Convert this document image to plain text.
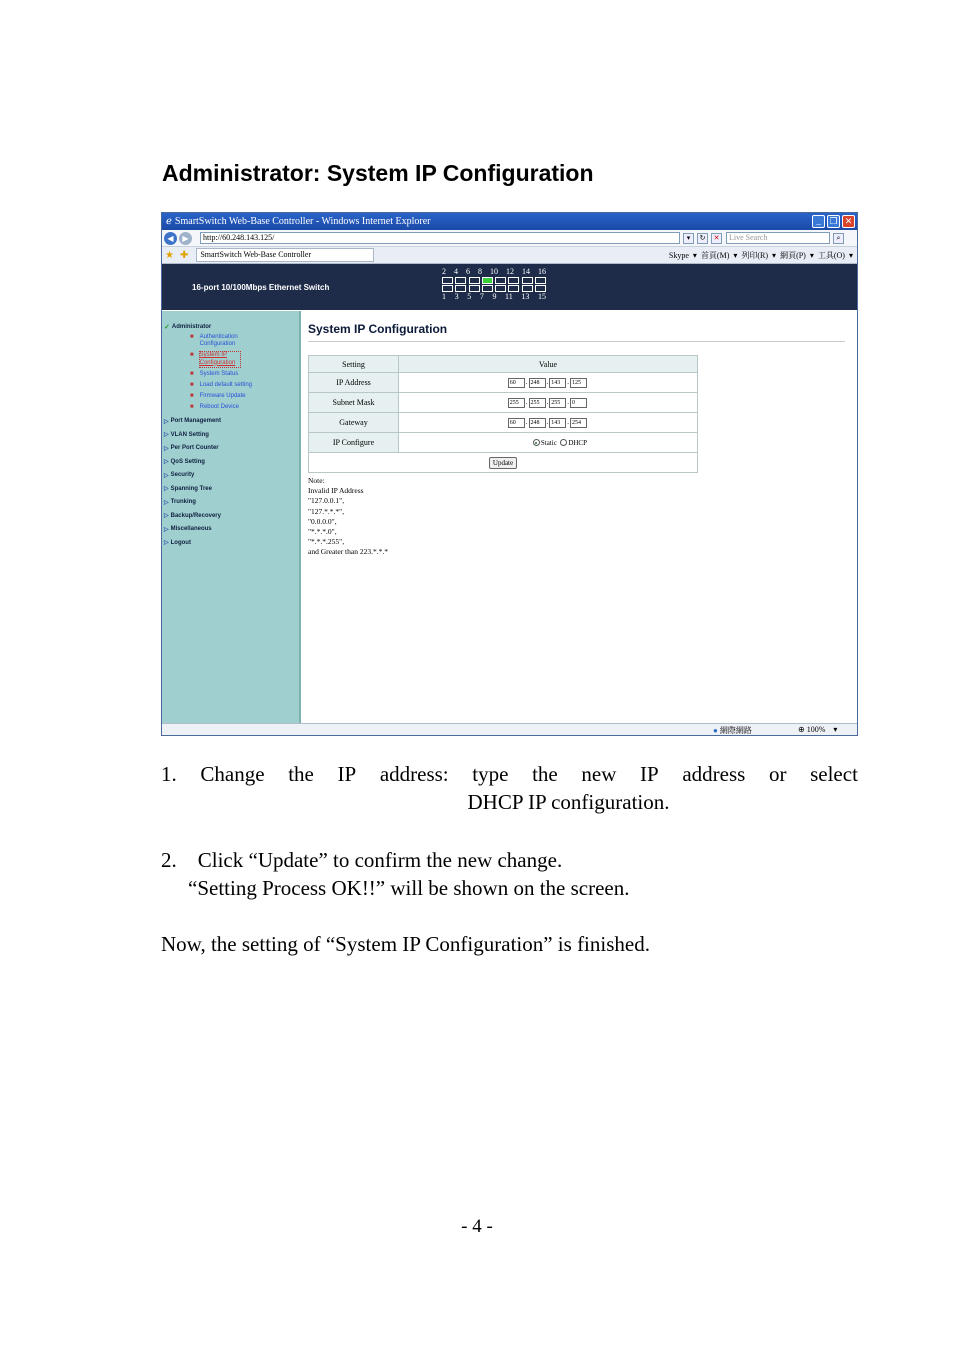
Administrator: System IP Configuration
ℯ SmartSwitch Web-Base Controller - Windows Internet Explorer	_ ❐ ✕
◀	▶	http://60.248.143.125/	▾	↻	✕	Live Search	⌕
★ ✚	SmartSwitch Web-Base Controller	Skype ▾ 首頁(M) ▾ 列印(R) ▾ 網頁(P) ▾ 工具(O) ▾
16-port 10/100Mbps Ethernet Switch
2 4 6 8 10 12 14 16
1 3 5 7 9 11 13 15
✓ Administrator
■ Authentication Configuration
■ System IP Configuration
■ System Status
■ Load default setting
■ Firmware Update
■ Reboot Device
▷ Port Management
▷ VLAN Setting
▷ Per Port Counter
▷ QoS Setting
▷ Security
▷ Spanning Tree
▷ Trunking
▷ Backup/Recovery
▷ Miscellaneous
▷ Logout
System IP Configuration
Setting	Value
IP Address	60 . 248 . 143 . 125
Subnet Mask	255 . 255 . 255 . 0
Gateway	60 . 248 . 143 . 254
IP Configure	Static DHCP
Update	
Note:
Invalid IP Address
"127.0.0.1",
"127.*.*.*",
"0.0.0.0",
"*.*.*.0",
"*.*.*.255",
and Greater than 223.*.*.*
● 網際網路	⊕ 100%    ▾
1. Change the IP address: type the new IP address or select
DHCP IP configuration.
2.    Click “Update” to confirm the new change.
“Setting Process OK!!” will be shown on the screen.
Now, the setting of “System IP Configuration” is finished.
- 4 -
